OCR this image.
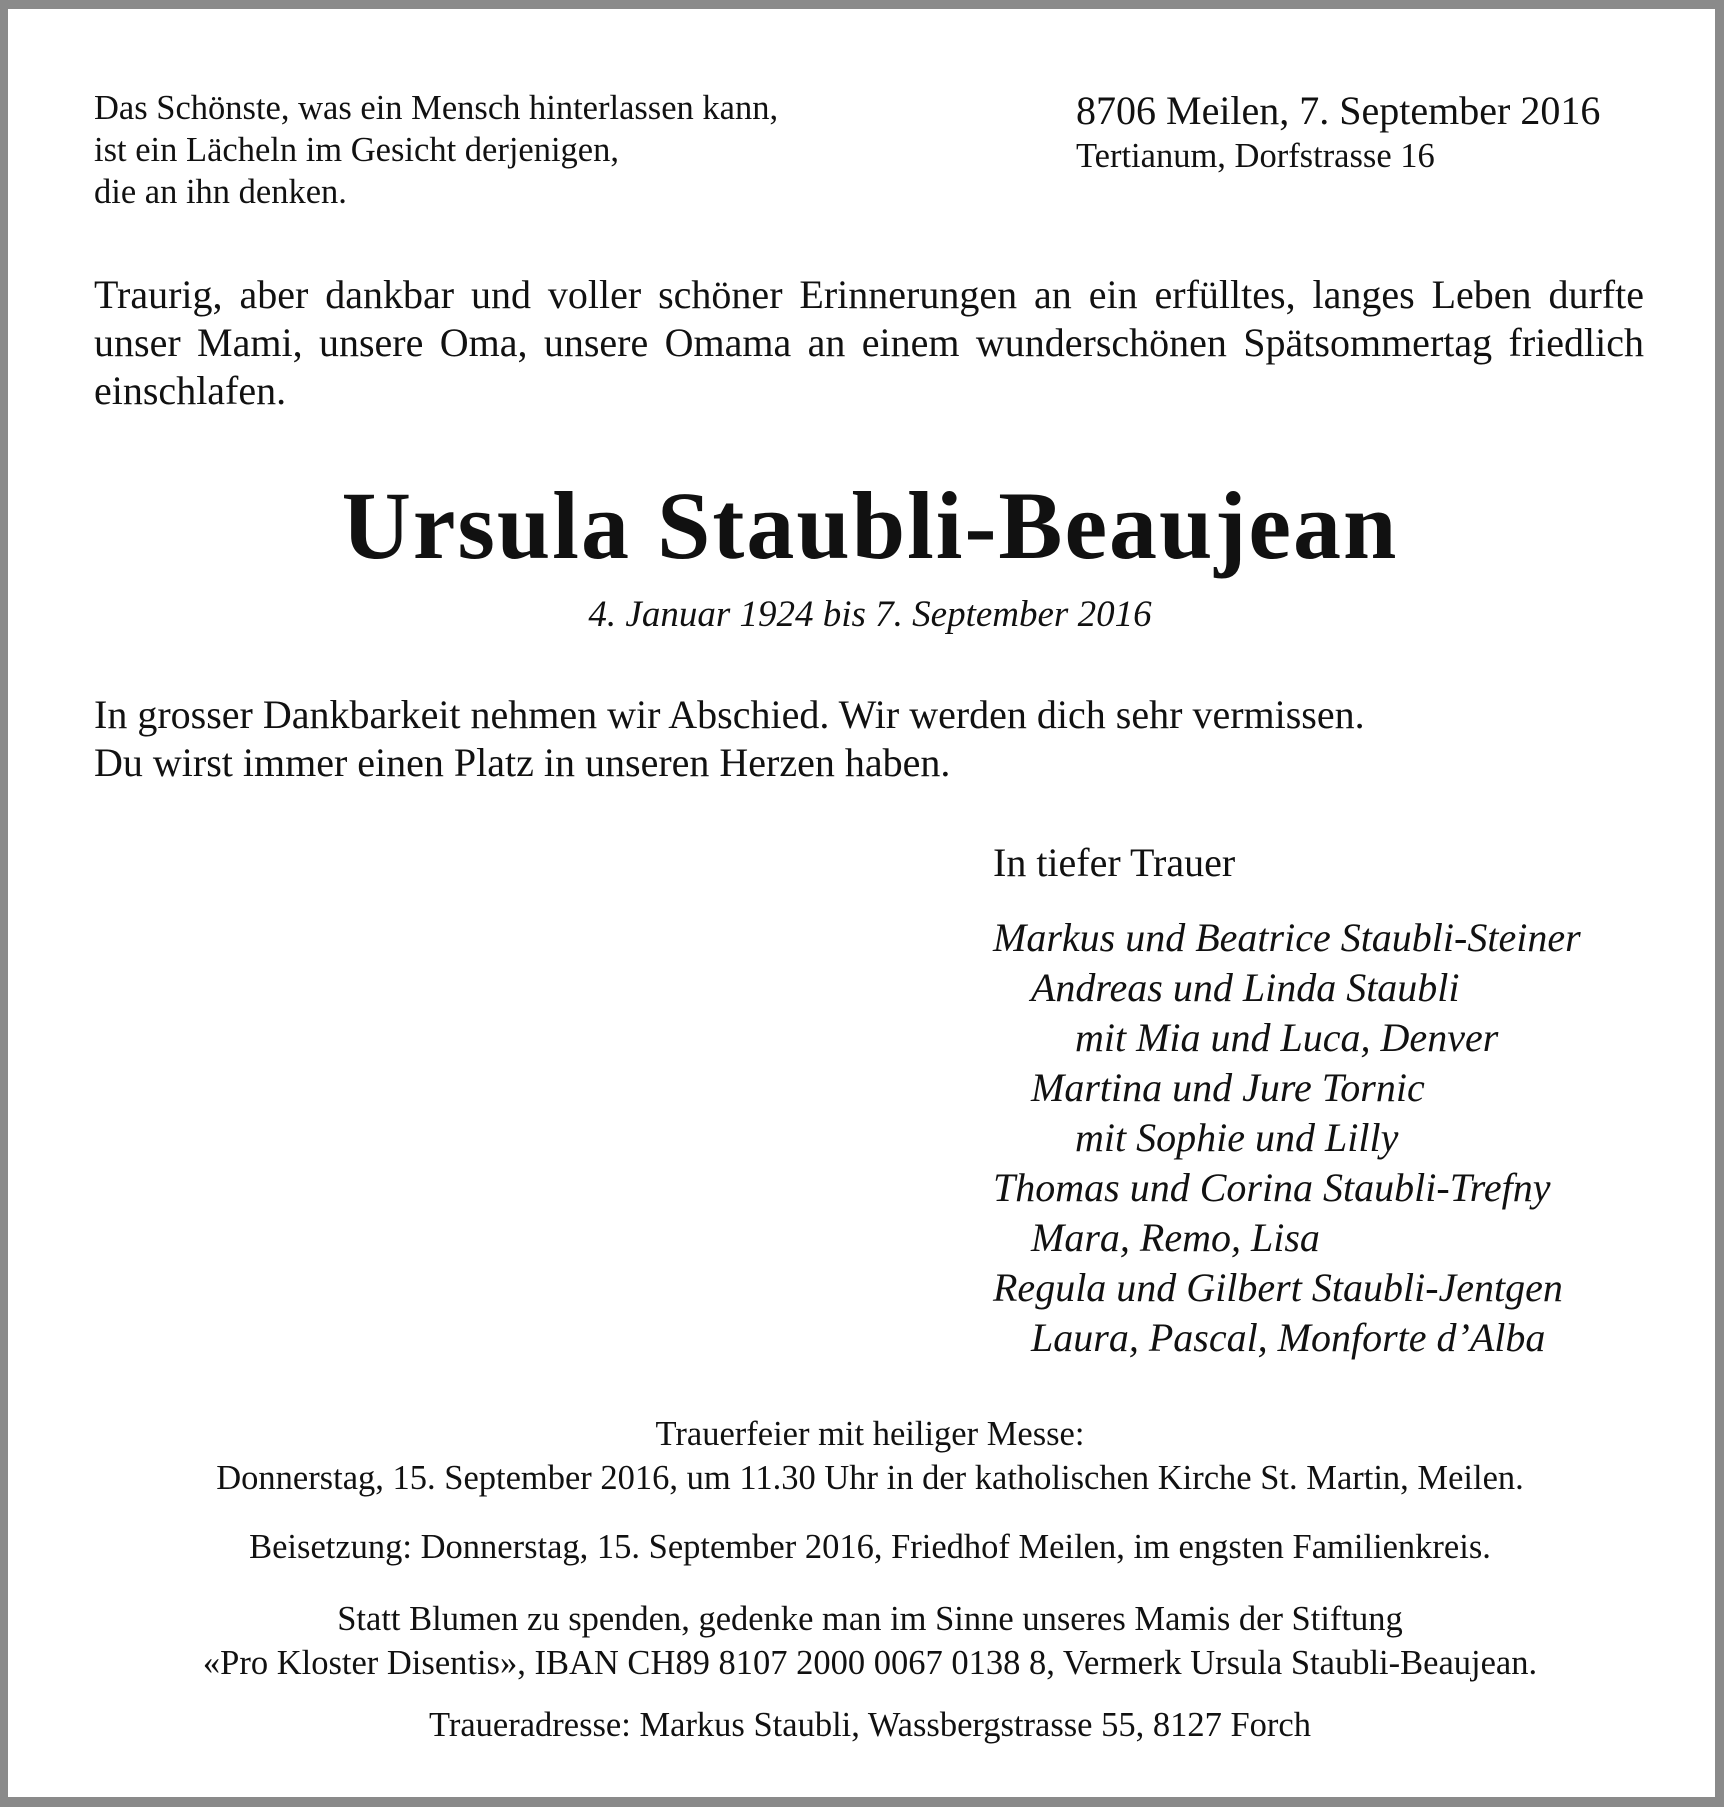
Das Schönste, was ein Mensch hinterlassen kann,
ist ein Lächeln im Gesicht derjenigen,
die an ihn denken.

8706 Meilen, 7. September 2016
Tertianum, Dorfstrasse 16

Traurig, aber dankbar und voller schöner Erinnerungen an ein erfülltes, langes Leben durfte unser Mami, unsere Oma, unsere Omama an einem wunderschönen Spätsommertag friedlich einschlafen.

Ursula Staubli-Beaujean

4. Januar 1924 bis 7. September 2016

In grosser Dankbarkeit nehmen wir Abschied. Wir werden dich sehr vermissen.
Du wirst immer einen Platz in unseren Herzen haben.

In tiefer Trauer

Markus und Beatrice Staubli-Steiner
Andreas und Linda Staubli
mit Mia und Luca, Denver
Martina und Jure Tornic
mit Sophie und Lilly
Thomas und Corina Staubli-Trefny
Mara, Remo, Lisa
Regula und Gilbert Staubli-Jentgen
Laura, Pascal, Monforte d’Alba

Trauerfeier mit heiliger Messe:
Donnerstag, 15. September 2016, um 11.30 Uhr in der katholischen Kirche St. Martin, Meilen.

Beisetzung: Donnerstag, 15. September 2016, Friedhof Meilen, im engsten Familienkreis.

Statt Blumen zu spenden, gedenke man im Sinne unseres Mamis der Stiftung
«Pro Kloster Disentis», IBAN CH89 8107 2000 0067 0138 8, Vermerk Ursula Staubli-Beaujean.

Traueradresse: Markus Staubli, Wassbergstrasse 55, 8127 Forch
